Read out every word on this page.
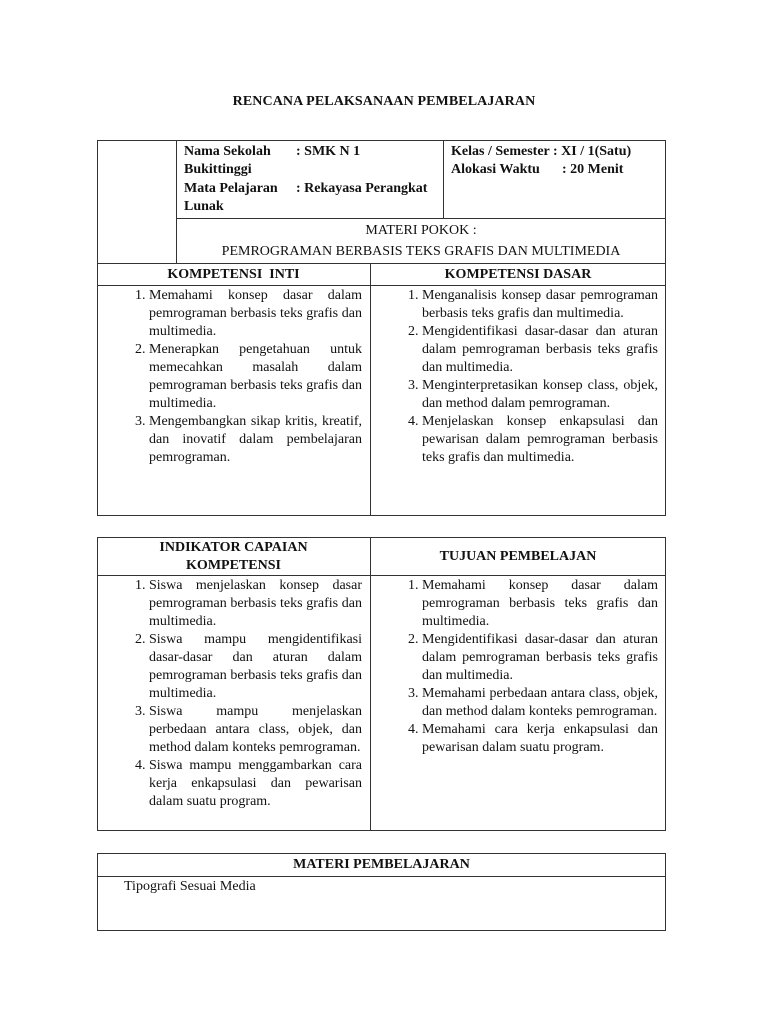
RENCANA PELAKSANAAN PEMBELAJARAN
Nama Sekolah : SMK N 1
Bukittinggi
Mata Pelajaran : Rekayasa Perangkat
Lunak
Kelas / Semester : XI / 1(Satu)
Alokasi Waktu : 20 Menit
MATERI POKOK :
PEMROGRAMAN BERBASIS TEKS GRAFIS DAN MULTIMEDIA
KOMPETENSI  INTI	KOMPETENSI DASAR
1. Memahami konsep dasar dalam pemrograman berbasis teks grafis dan multimedia.
2. Menerapkan pengetahuan untuk memecahkan masalah dalam pemrograman berbasis teks grafis dan multimedia.
3. Mengembangkan sikap kritis, kreatif, dan inovatif dalam pembelajaran pemrograman.
1. Menganalisis konsep dasar pemrograman berbasis teks grafis dan multimedia.
2. Mengidentifikasi dasar-dasar dan aturan dalam pemrograman berbasis teks grafis dan multimedia.
3. Menginterpretasikan konsep class, objek, dan method dalam pemrograman.
4. Menjelaskan konsep enkapsulasi dan pewarisan dalam pemrograman berbasis teks grafis dan multimedia.
INDIKATOR CAPAIAN
KOMPETENSI
TUJUAN PEMBELAJAN
1. Siswa menjelaskan konsep dasar pemrograman berbasis teks grafis dan multimedia.
2. Siswa mampu mengidentifikasi dasar-dasar dan aturan dalam pemrograman berbasis teks grafis dan multimedia.
3. Siswa mampu menjelaskan perbedaan antara class, objek, dan method dalam konteks pemrograman.
4. Siswa mampu menggambarkan cara kerja enkapsulasi dan pewarisan dalam suatu program.
1. Memahami konsep dasar dalam pemrograman berbasis teks grafis dan multimedia.
2. Mengidentifikasi dasar-dasar dan aturan dalam pemrograman berbasis teks grafis dan multimedia.
3. Memahami perbedaan antara class, objek, dan method dalam konteks pemrograman.
4. Memahami cara kerja enkapsulasi dan pewarisan dalam suatu program.
MATERI PEMBELAJARAN
Tipografi Sesuai Media
